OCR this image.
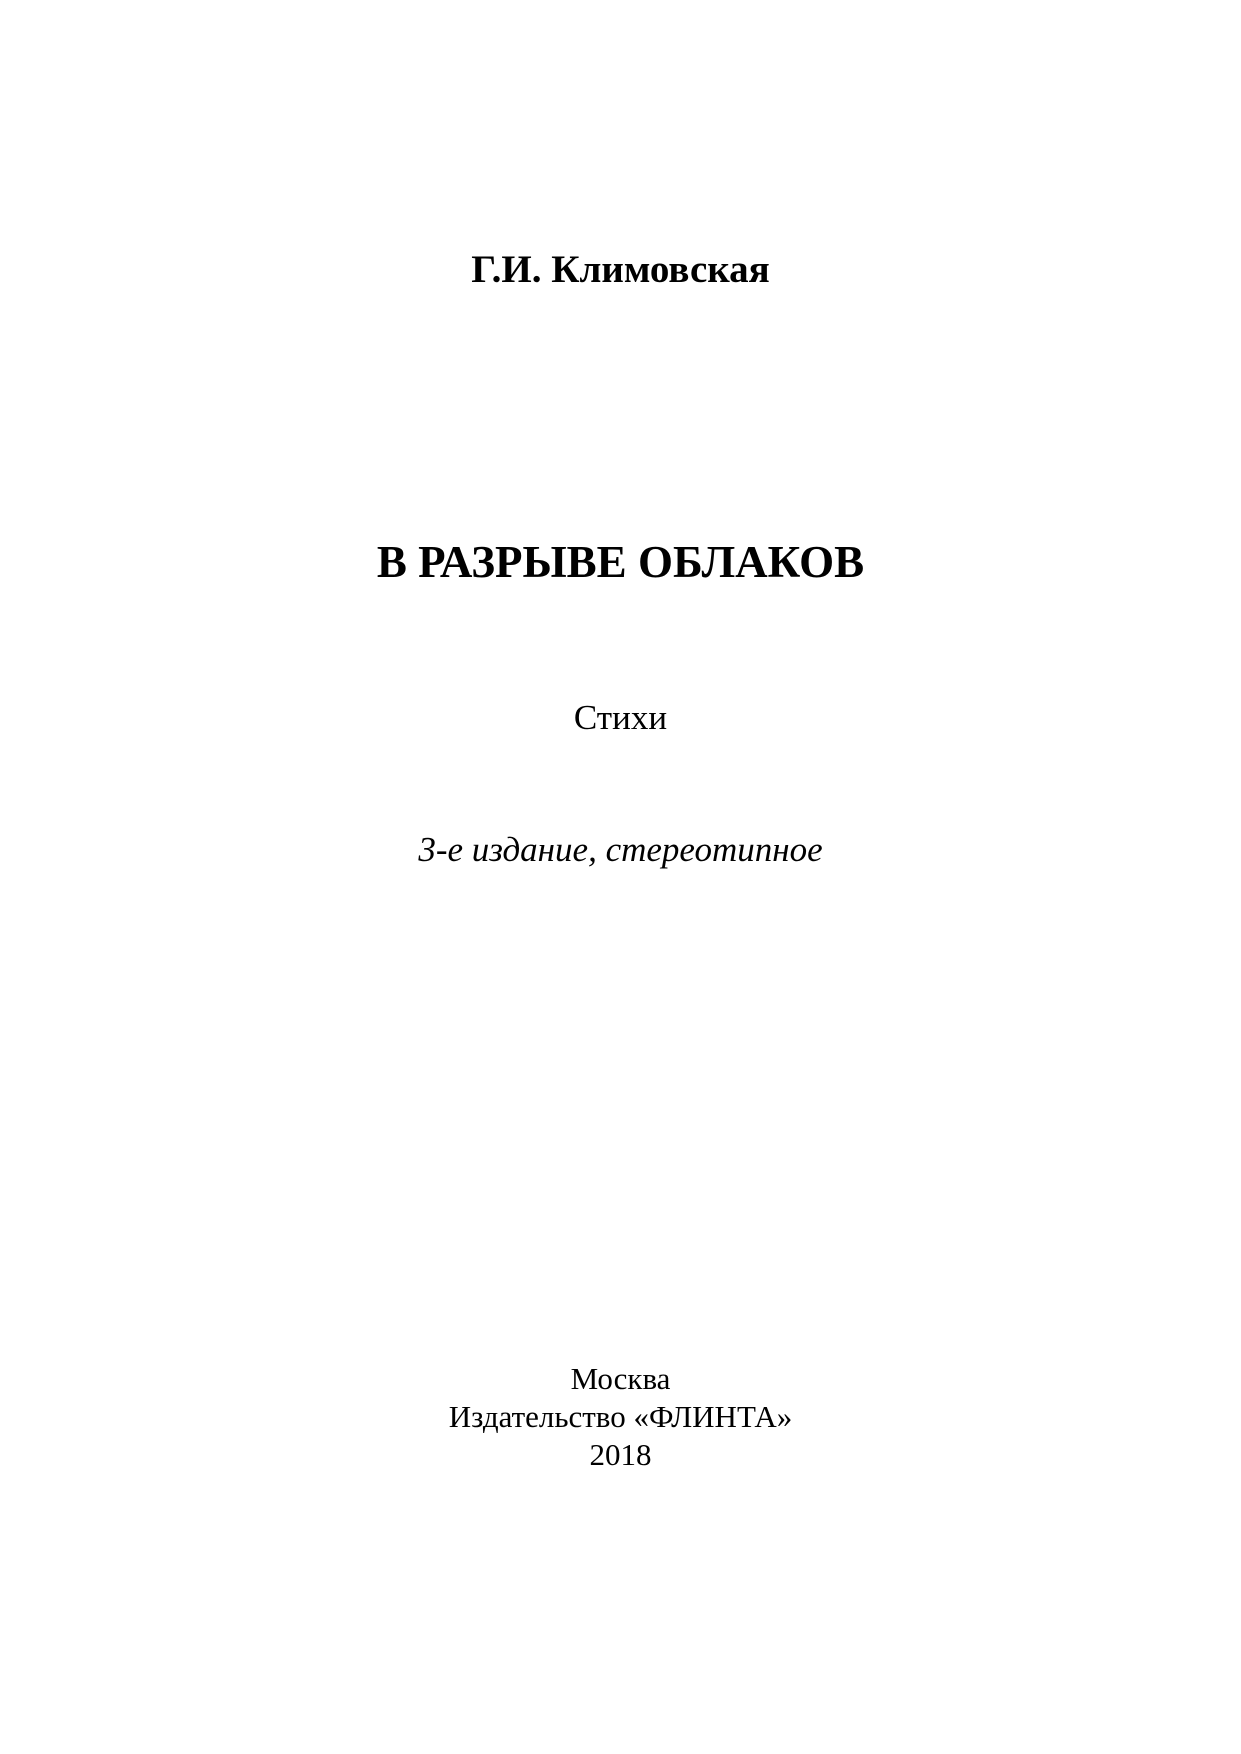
Г.И. Климовская
В РАЗРЫВЕ ОБЛАКОВ
Стихи
3-е издание, стереотипное
Москва
Издательство «ФЛИНТА»
2018
